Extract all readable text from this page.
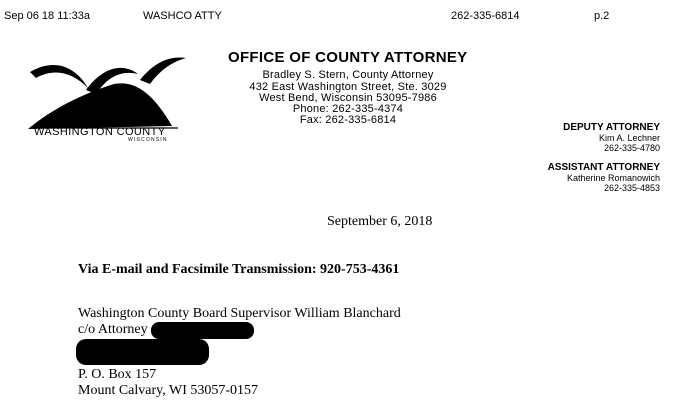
Sep 06 18 11:33a	WASHCO ATTY	262-335-6814	p.2
WASHINGTON COUNTY
WISCONSIN
OFFICE OF COUNTY ATTORNEY
Bradley S. Stern, County Attorney
432 East Washington Street, Ste. 3029
West Bend, Wisconsin 53095-7986
Phone: 262-335-4374
Fax: 262-335-6814
DEPUTY ATTORNEY
Kim A. Lechner
262-335-4780
ASSISTANT ATTORNEY
Katherine Romanowich
262-335-4853
September 6, 2018
Via E-mail and Facsimile Transmission: 920-753-4361
Washington County Board Supervisor William Blanchard
c/o Attorney
P. O. Box 157
Mount Calvary, WI 53057-0157
